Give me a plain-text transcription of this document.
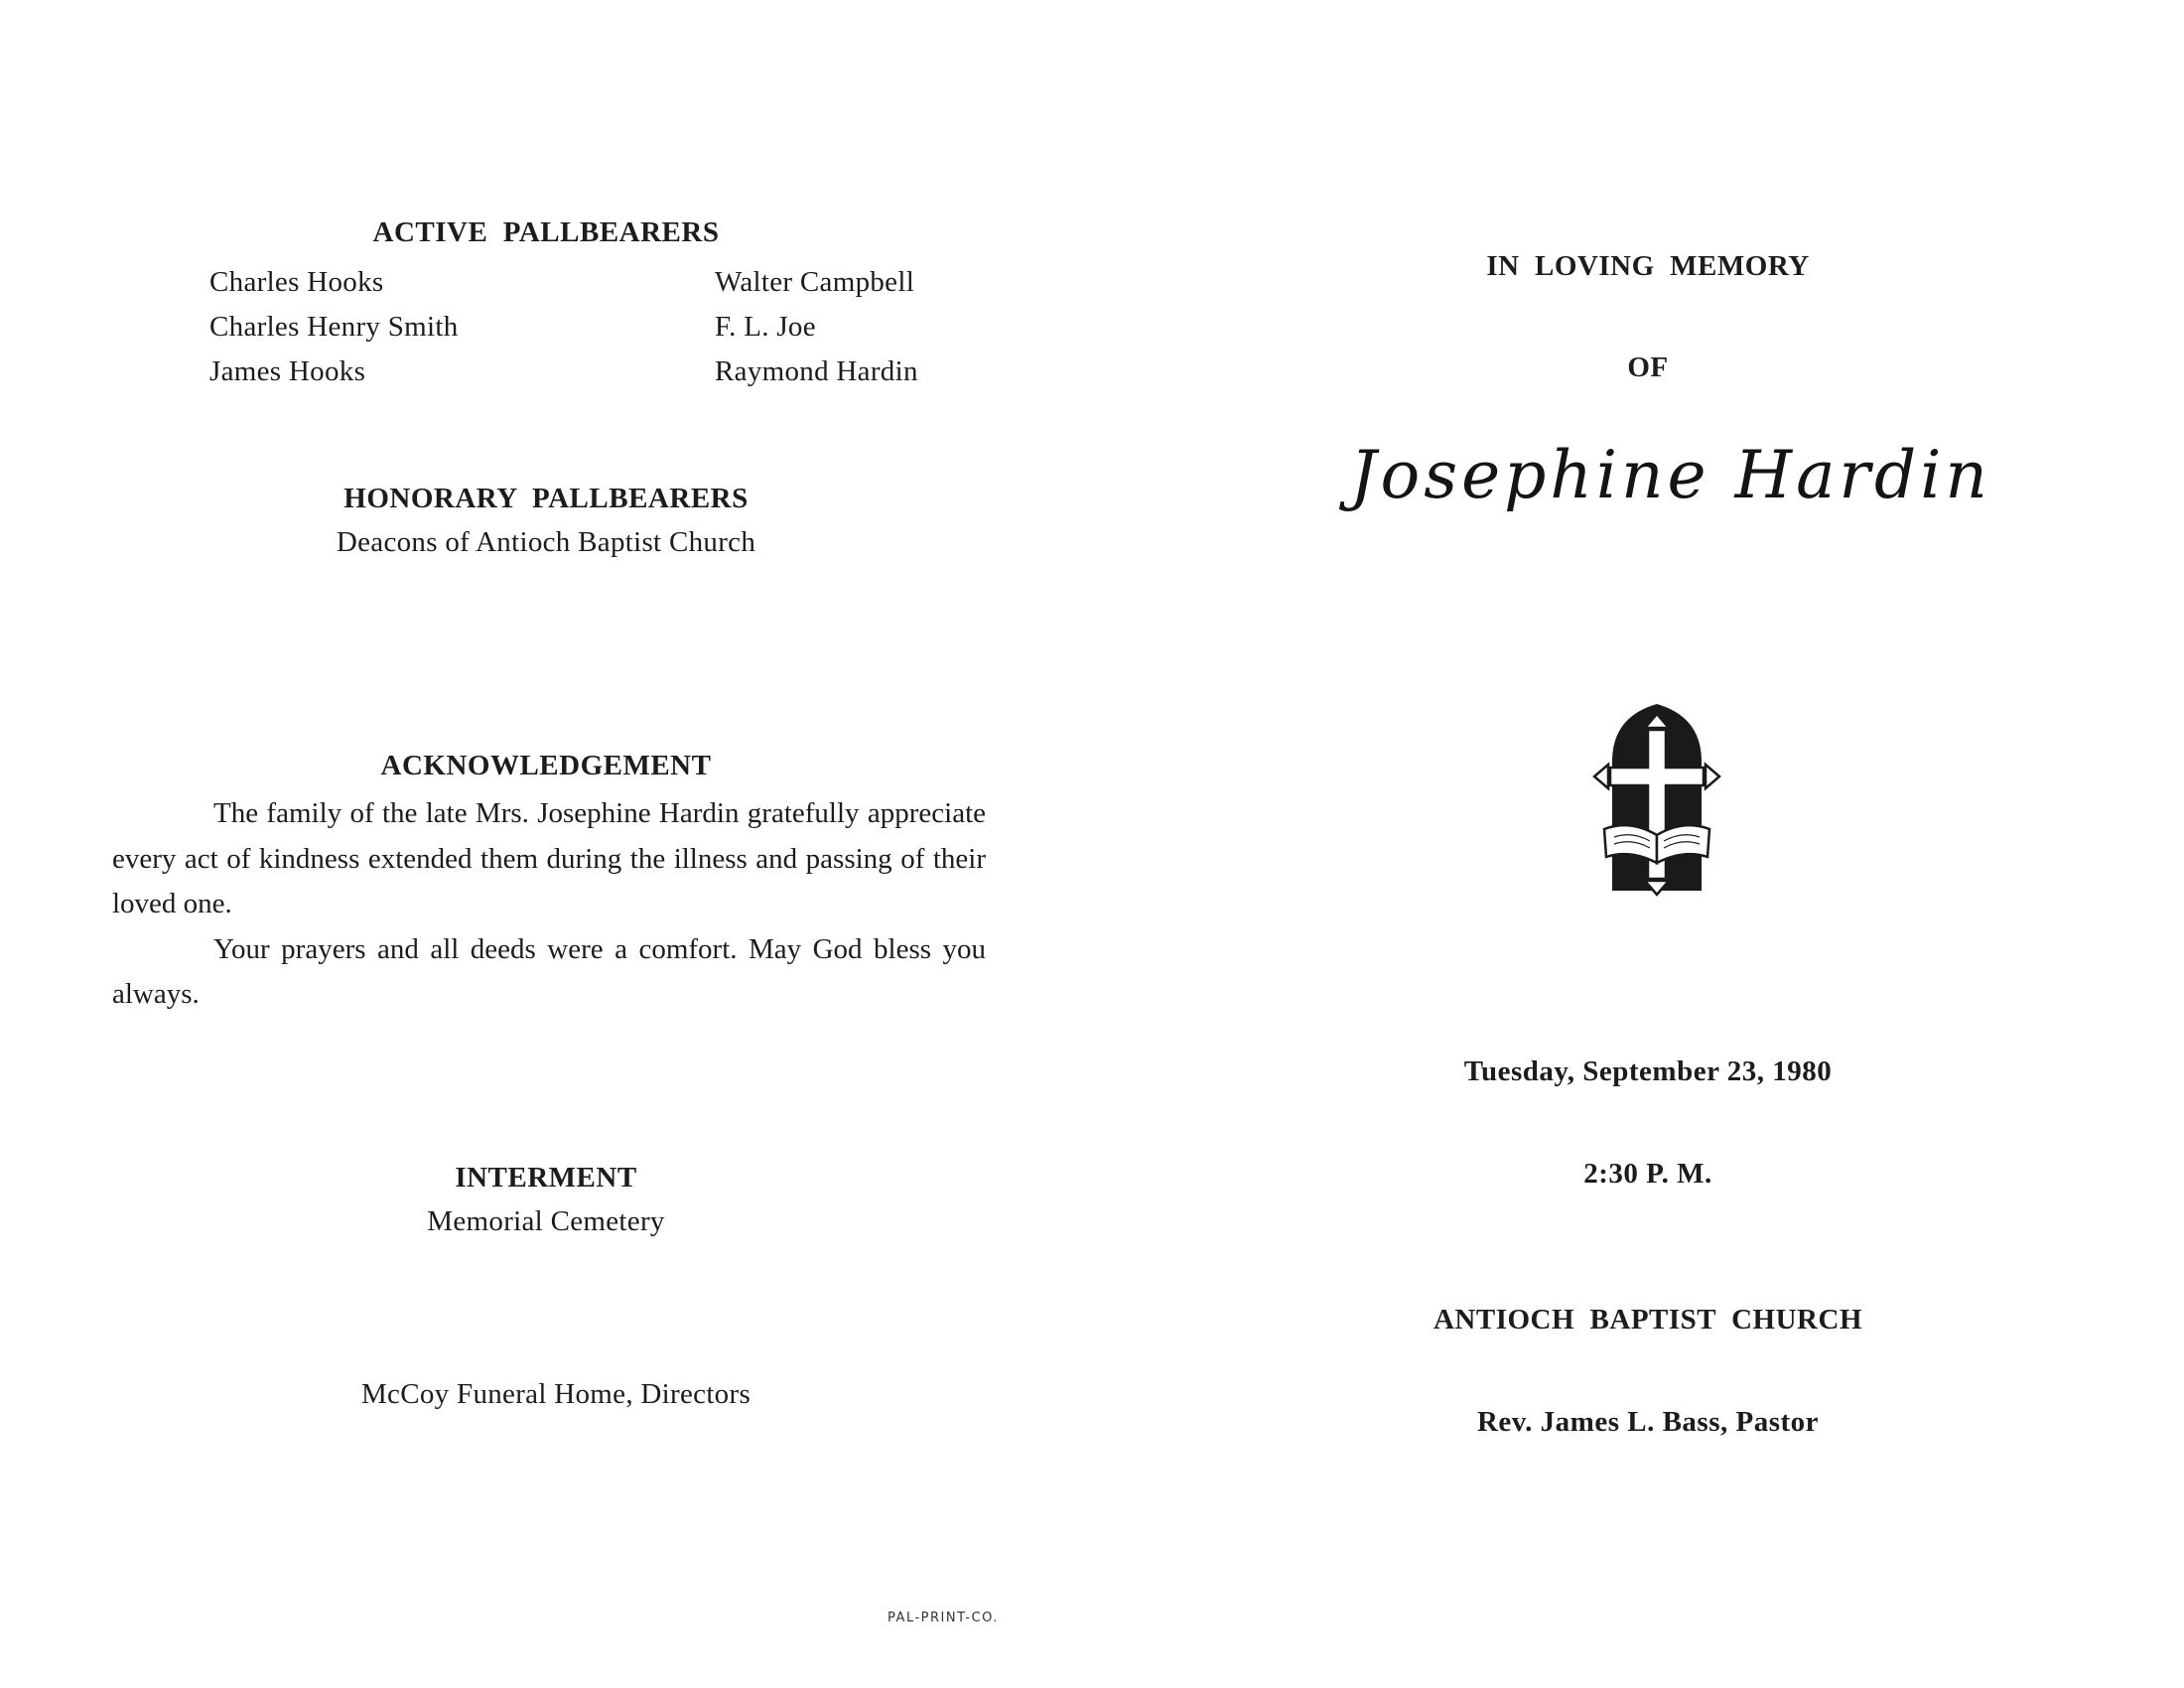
ACTIVE  PALLBEARERS
Charles Hooks
Charles Henry Smith
James Hooks
Walter Campbell
F. L. Joe
Raymond Hardin
HONORARY  PALLBEARERS
Deacons of Antioch Baptist Church
ACKNOWLEDGEMENT

The family of the late Mrs. Josephine Hardin gratefully appreciate every act of kindness extended them during the illness and passing of their loved one.

Your prayers and all deeds were a comfort. May God bless you always.

INTERMENT
Memorial Cemetery
McCoy Funeral Home, Directors
PAL-PRINT-CO.
IN  LOVING  MEMORY
OF
Josephine Hardin
Tuesday, September 23, 1980
2:30 P. M.
ANTIOCH  BAPTIST  CHURCH
Rev. James L. Bass, Pastor
